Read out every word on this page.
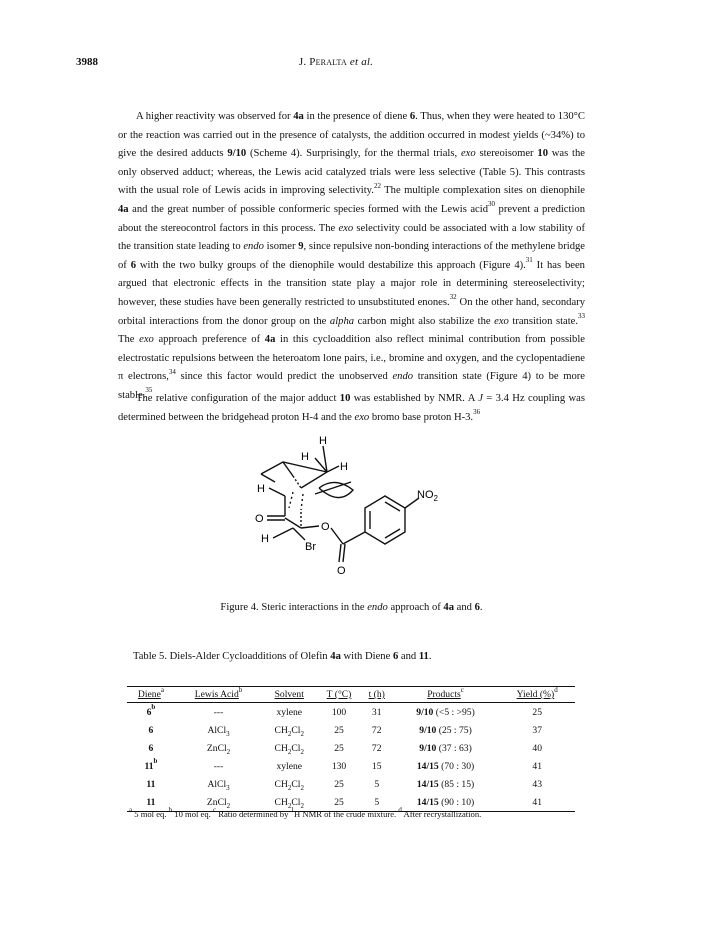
3988	J. Peralta et al.

A higher reactivity was observed for 4a in the presence of diene 6. Thus, when they were heated to 130°C or the reaction was carried out in the presence of catalysts, the addition occurred in modest yields (~34%) to give the desired adducts 9/10 (Scheme 4). Surprisingly, for the thermal trials, exo stereoisomer 10 was the only observed adduct; whereas, the Lewis acid catalyzed trials were less selective (Table 5). This contrasts with the usual role of Lewis acids in improving selectivity.$^{22}$ The multiple complexation sites on dienophile 4a and the great number of possible conformeric species formed with the Lewis acid$^{30}$ prevent a prediction about the stereocontrol factors in this process. The exo selectivity could be associated with a low stability of the transition state leading to endo isomer 9, since repulsive non-bonding interactions of the methylene bridge of 6 with the two bulky groups of the dienophile would destabilize this approach (Figure 4).$^{31}$ It has been argued that electronic effects in the transition state play a major role in determining stereoselectivity; however, these studies have been generally restricted to unsubstituted enones.$^{32}$ On the other hand, secondary orbital interactions from the donor group on the alpha carbon might also stabilize the exo transition state.$^{33}$ The exo approach preference of 4a in this cycloaddition also reflect minimal contribution from possible electrostatic repulsions between the heteroatom lone pairs, i.e., bromine and oxygen, and the cyclopentadiene π electrons,$^{34}$ since this factor would predict the unobserved endo transition state (Figure 4) to be more stable.$^{35}$

The relative configuration of the major adduct 10 was established by NMR. A J = 3.4 Hz coupling was determined between the bridgehead proton H-4 and the exo bromo base proton H-3.36

H
H
H
H
O
O
H
Br
O
$NO_2$
Figure 4. Steric interactions in the endo approach of 4a and 6.
Table 5. Diels-Alder Cycloadditions of Olefin 4a with Diene 6 and 11.
Diene$^a$	Lewis Acid$^b$	Solvent	T (°C)	t (h)	Products$^c$	Yield (%)$^d$
6$^b$	---	xylene	100	31	9/10 (<5 : >95)	25
6	AlCl$_3$	$CH_2Cl_2$	25	72	9/10 (25 : 75)	37
6	ZnCl$_2$	$CH_2Cl_2$	25	72	9/10 (37 : 63)	40
11$^b$	---	xylene	130	15	14/15 (70 : 30)	41
11	AlCl$_3$	$CH_2Cl_2$	25	5	14/15 (85 : 15)	43
11	ZnCl$_2$	$CH_2Cl_2$	25	5	14/15 (90 : 10)	41
$^a$ 5 mol eq. $^b$ 10 mol eq. $^c$ Ratio determined by $^1$H NMR of the crude mixture. $^d$ After recrystallization.
